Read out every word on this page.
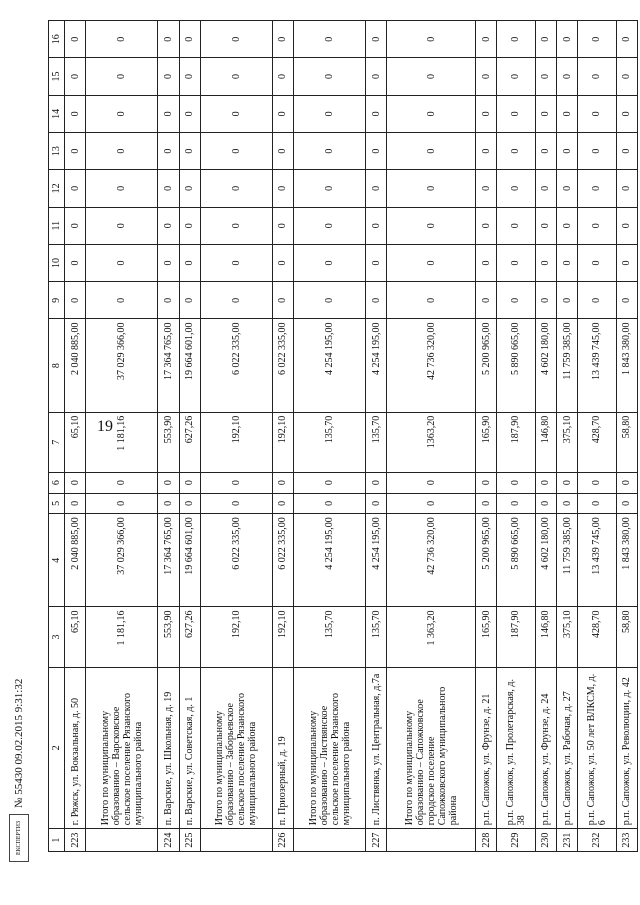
19
1	2	3	4	5	6	7	8	9	10	11	12	13	14	15	16
223	г. Ряжск, ул. Вокзальная, д. 50	65,10	2 040 885,00	0	0	65,10	2 040 885,00	0	0	0	0	0	0	0	0
	Итого по муниципальному образованию – Варсковское сельское поселение Рязанского муниципального района	1 181,16	37 029 366,00	0	0	1 181,16	37 029 366,00	0	0	0	0	0	0	0	0
224	п. Варские, ул. Школьная, д. 19	553,90	17 364 765,00	0	0	553,90	17 364 765,00	0	0	0	0	0	0	0	0
225	п. Варские, ул. Советская, д. 1	627,26	19 664 601,00	0	0	627,26	19 664 601,00	0	0	0	0	0	0	0	0
	Итого по муниципальному образованию – Заборьевское сельское поселение Рязанского муниципального района	192,10	6 022 335,00	0	0	192,10	6 022 335,00	0	0	0	0	0	0	0	0
226	п. Приозерный, д. 19	192,10	6 022 335,00	0	0	192,10	6 022 335,00	0	0	0	0	0	0	0	0
	Итого по муниципальному образованию – Листвянское сельское поселение Рязанского муниципального района	135,70	4 254 195,00	0	0	135,70	4 254 195,00	0	0	0	0	0	0	0	0
227	п. Листвянка, ул. Центральная, д.7а	135,70	4 254 195,00	0	0	135,70	4 254 195,00	0	0	0	0	0	0	0	0
	Итого по муниципальному образованию – Сапожковское городское поселение Сапожковского муниципального района	1 363,20	42 736 320,00	0	0	1363,20	42 736 320,00	0	0	0	0	0	0	0	0
228	р.п. Сапожок, ул. Фрунзе, д. 21	165,90	5 200 965,00	0	0	165,90	5 200 965,00	0	0	0	0	0	0	0	0
229	р.п. Сапожок, ул. Пролетарская, д. 38	187,90	5 890 665,00	0	0	187,90	5 890 665,00	0	0	0	0	0	0	0	0
230	р.п. Сапожок, ул. Фрунзе, д. 24	146,80	4 602 180,00	0	0	146,80	4 602 180,00	0	0	0	0	0	0	0	0
231	р.п. Сапожок, ул. Рабочая, д. 27	375,10	11 759 385,00	0	0	375,10	11 759 385,00	0	0	0	0	0	0	0	0
232	р.п. Сапожок, ул. 50 лет ВЛКСМ, д. 6	428,70	13 439 745,00	0	0	428,70	13 439 745,00	0	0	0	0	0	0	0	0
233	р.п. Сапожок, ул. Революции, д. 42	58,80	1 843 380,00	0	0	58,80	1 843 380,00	0	0	0	0	0	0	0	0
ЕКСПЕРТИЗ
№ 55430 09.02.2015 9:31:32
